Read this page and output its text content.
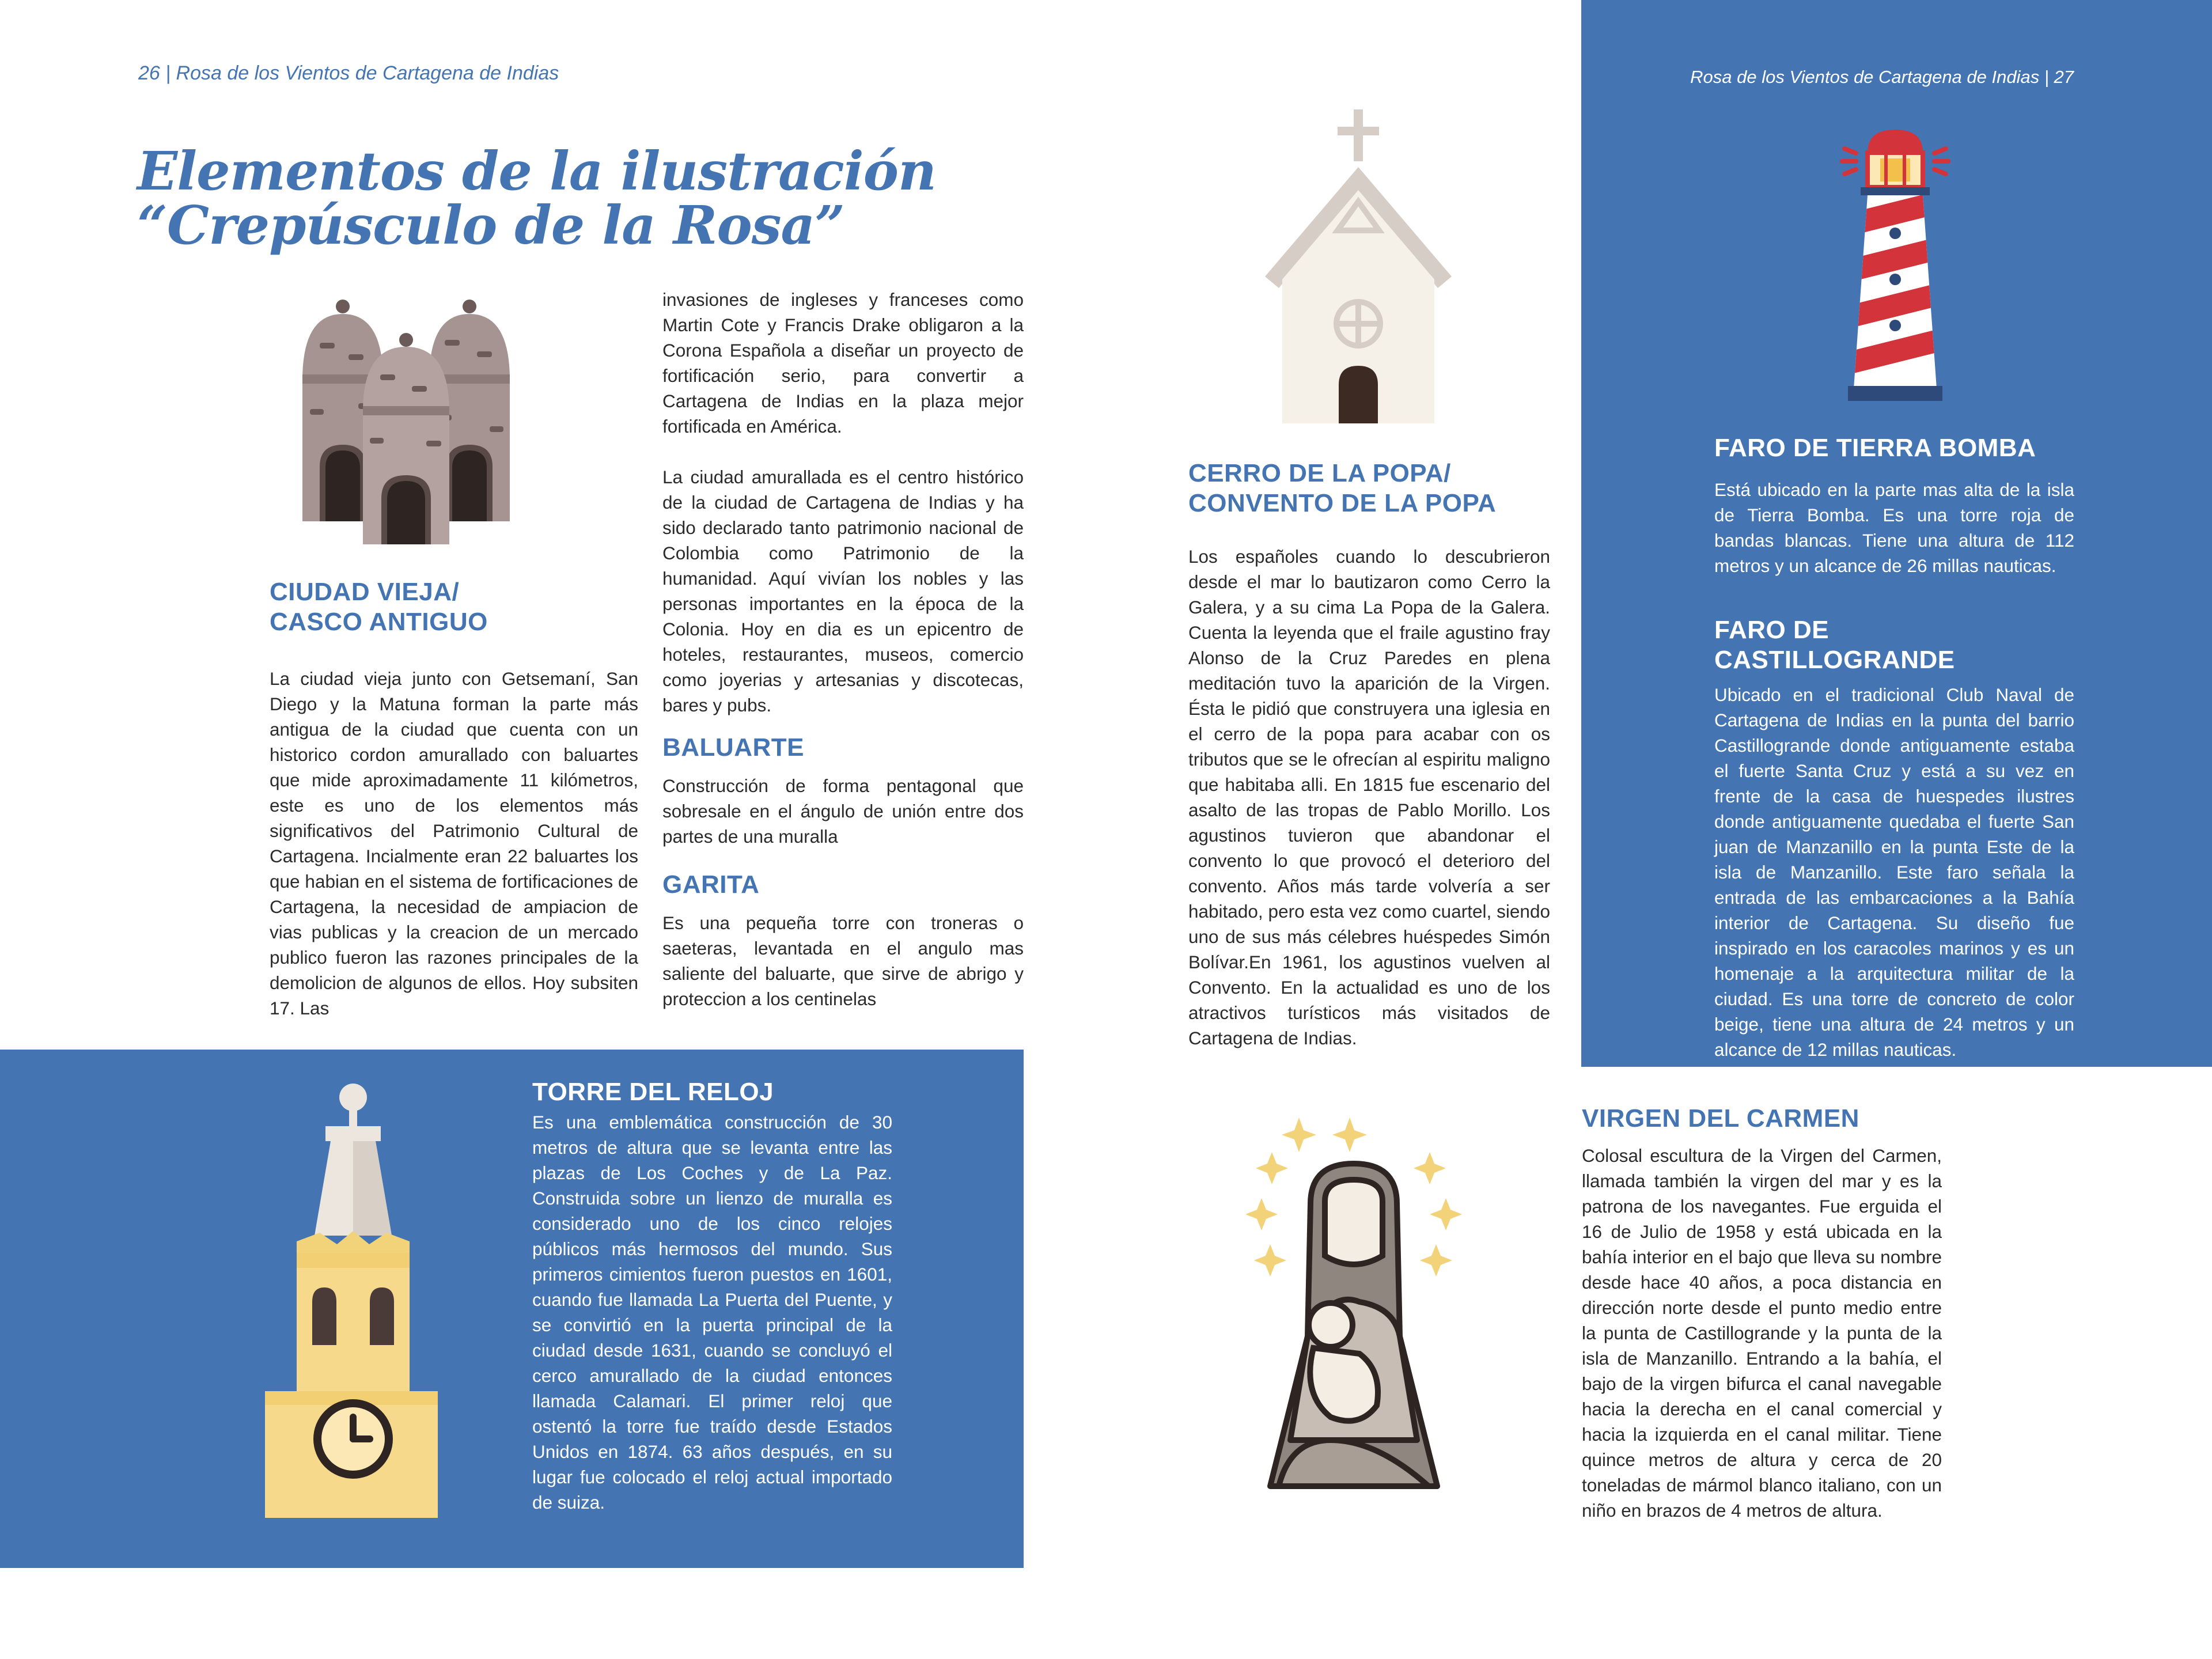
26 | Rosa de los Vientos de Cartagena de Indias	Rosa de los Vientos de Cartagena de Indias | 27
Elementos de la ilustración
“Crepúsculo de la Rosa”

CIUDAD VIEJA/
CASCO ANTIGUO

La ciudad vieja junto con Getsemaní, San Diego y la Matuna forman la parte más antigua de la ciudad que cuenta con un historico cordon amurallado con baluartes que mide aproximadamente 11 kilómetros, este es uno de los elementos más significativos del Patrimonio Cultural de Cartagena. Incialmente eran 22 baluartes los que habian en el sistema de fortificaciones de Cartagena, la necesidad de ampiacion de vias publicas y la creacion de un mercado publico fueron las razones principales de la demolicion de algunos de ellos. Hoy subsiten 17. Las

invasiones de ingleses y franceses como Martin Cote y Francis Drake obligaron a la Corona Española a diseñar un proyecto de fortificación serio, para convertir a Cartagena de Indias en la plaza mejor fortificada en América.

La ciudad amurallada es el centro histórico de la ciudad de Cartagena de Indias y ha sido declarado tanto patrimonio nacional de Colombia como Patrimonio de la humanidad. Aquí vivían los nobles y las personas importantes en la época de la Colonia. Hoy en dia es un epicentro de hoteles, restaurantes, museos, comercio como joyerias y artesanias y discotecas, bares y pubs.

BALUARTE

Construcción de forma pentagonal que sobresale en el ángulo de unión entre dos partes de una muralla

GARITA

Es una pequeña torre con troneras o saeteras, levantada en el angulo mas saliente del baluarte, que sirve de abrigo y proteccion a los centinelas

TORRE DEL RELOJ

Es una emblemática construcción de 30 metros de altura que se levanta entre las plazas de Los Coches y de La Paz. Construida sobre un lienzo de muralla es considerado uno de los cinco relojes públicos más hermosos del mundo. Sus primeros cimientos fueron puestos en 1601, cuando fue llamada La Puerta del Puente, y se convirtió en la puerta principal de la ciudad desde 1631, cuando se concluyó el cerco amurallado de la ciudad entonces llamada Calamari. El primer reloj que ostentó la torre fue traído desde Estados Unidos en 1874. 63 años después, en su lugar fue colocado el reloj actual importado de suiza.

CERRO DE LA POPA/
CONVENTO DE LA POPA

Los españoles cuando lo descubrieron desde el mar lo bautizaron como Cerro la Galera, y a su cima La Popa de la Galera. Cuenta la leyenda que el fraile agustino fray Alonso de la Cruz Paredes en plena meditación tuvo la aparición de la Virgen. Ésta le pidió que construyera una iglesia en el cerro de la popa para acabar con os tributos que se le ofrecían al espiritu maligno que habitaba alli. En 1815 fue escenario del asalto de las tropas de Pablo Morillo. Los agustinos tuvieron que abandonar el convento lo que provocó el deterioro del convento. Años más tarde volvería a ser habitado, pero esta vez como cuartel, siendo uno de sus más célebres huéspedes Simón Bolívar.En 1961, los agustinos vuelven al Convento. En la actualidad es uno de los atractivos turísticos más visitados de Cartagena de Indias.

FARO DE TIERRA BOMBA

Está ubicado en la parte mas alta de la isla de Tierra Bomba. Es una torre roja de bandas blancas. Tiene una altura de 112 metros y un alcance de 26 millas nauticas.

FARO DE CASTILLOGRANDE

Ubicado en el tradicional Club Naval de Cartagena de Indias en la punta del barrio Castillogrande donde antiguamente estaba el fuerte Santa Cruz y está a su vez en frente de la casa de huespedes ilustres donde antiguamente quedaba el fuerte San juan de Manzanillo en la punta Este de la isla de Manzanillo. Este faro señala la entrada de las embarcaciones a la Bahía interior de Cartagena. Su diseño fue inspirado en los caracoles marinos y es un homenaje a la arquitectura militar de la ciudad. Es una torre de concreto de color beige, tiene una altura de 24 metros y un alcance de 12 millas nauticas.

VIRGEN DEL CARMEN

Colosal escultura de la Virgen del Carmen, llamada también la virgen del mar y es la patrona de los navegantes. Fue erguida el 16 de Julio de 1958 y está ubicada en la bahía interior en el bajo que lleva su nombre desde hace 40 años, a poca distancia en dirección norte desde el punto medio entre la punta de Castillogrande y la punta de la isla de Manzanillo. Entrando a la bahía, el bajo de la virgen bifurca el canal navegable hacia la derecha en el canal comercial y hacia la izquierda en el canal militar. Tiene quince metros de altura y cerca de 20 toneladas de mármol blanco italiano, con un niño en brazos de 4 metros de altura.
